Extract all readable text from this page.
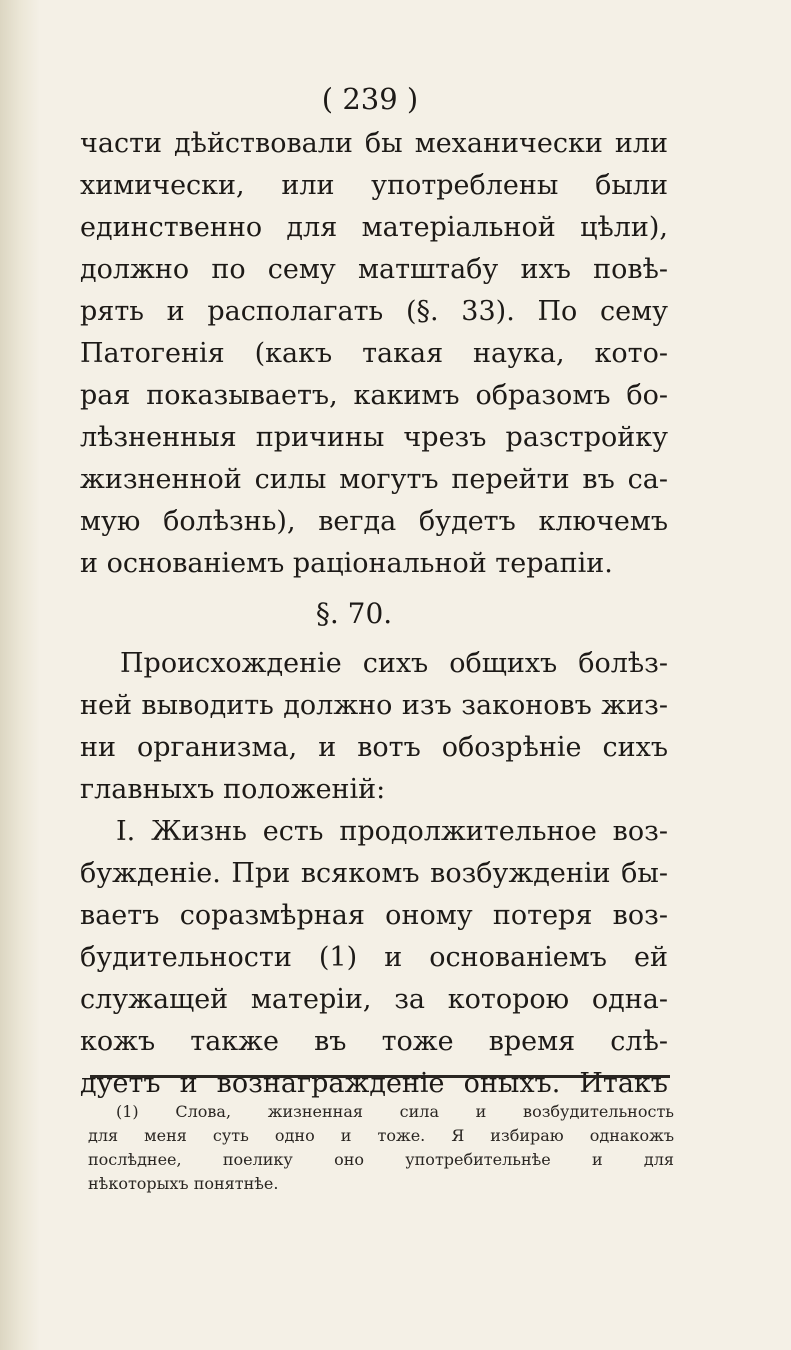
( 239 )

части дѣйствовали бы механически или
химически, или употреблены были
единственно для матеріальной цѣли),
должно по сему матштабу ихъ повѣ-
рять и располагать (§. 33). По сему
Патогенія (какъ такая наука, кото-
рая показываетъ, какимъ образомъ бо-
лѣзненныя причины чрезъ разстройку
жизненной силы могутъ перейти въ са-
мую болѣзнь), вегда будетъ ключемъ
и основаніемъ раціональной терапіи.
§. 70.
Происхожденіе сихъ общихъ болѣз-
ней выводить должно изъ законовъ жиз-
ни организма, и вотъ обозрѣніе сихъ
главныхъ положеній:
I. Жизнь есть продолжительное воз-
бужденіе. При всякомъ возбужденіи бы-
ваетъ соразмѣрная оному потеря воз-
будительности (1) и основаніемъ ей
служащей матеріи, за которою одна-
кожъ также въ тоже время слѣ-
дуетъ и вознагражденіе оныхъ. Итакъ
(1) Слова, жизненная сила и возбудительность
для меня суть одно и тоже. Я избираю однакожъ
послѣднее, поелику оно употребительнѣе и для
нѣкоторыхъ понятнѣе.
